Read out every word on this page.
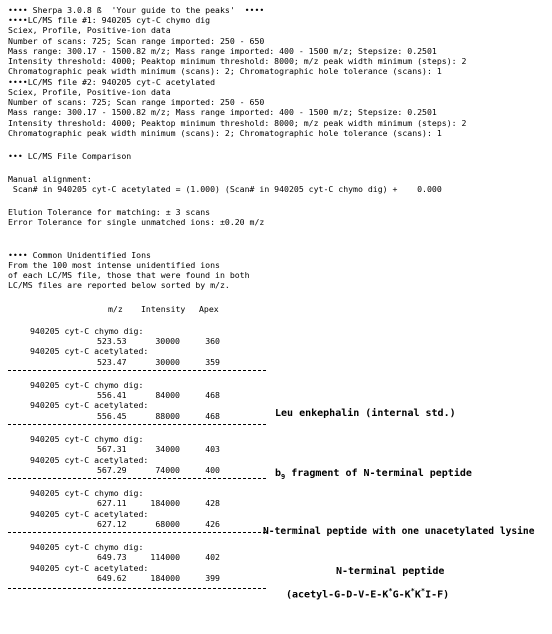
•••• Sherpa 3.0.8 ß  'Your guide to the peaks'  ••••
••••LC/MS file #1: 940205 cyt-C chymo dig
Sciex, Profile, Positive-ion data
Number of scans: 725; Scan range imported: 250 - 650
Mass range: 300.17 - 1500.82 m/z; Mass range imported: 400 - 1500 m/z; Stepsize: 0.2501
Intensity threshold: 4000; Peaktop minimum threshold: 8000; m/z peak width minimum (steps): 2
Chromatographic peak width minimum (scans): 2; Chromatographic hole tolerance (scans): 1
••••LC/MS file #2: 940205 cyt-C acetylated
Sciex, Profile, Positive-ion data
Number of scans: 725; Scan range imported: 250 - 650
Mass range: 300.17 - 1500.82 m/z; Mass range imported: 400 - 1500 m/z; Stepsize: 0.2501
Intensity threshold: 4000; Peaktop minimum threshold: 8000; m/z peak width minimum (steps): 2
Chromatographic peak width minimum (scans): 2; Chromatographic hole tolerance (scans): 1
••• LC/MS File Comparison
Manual alignment:
Scan# in 940205 cyt-C acetylated = (1.000) (Scan# in 940205 cyt-C chymo dig) +    0.000
Elution Tolerance for matching: ± 3 scans
Error Tolerance for single unmatched ions: ±0.20 m/z
•••• Common Unidentified Ions
From the 100 most intense unidentified ions
of each LC/MS file, those that were found in both
LC/MS files are reported below sorted by m/z.
m/z Intensity Apex
940205 cyt-C chymo dig:
523.53	30000	360
940205 cyt-C acetylated:
523.47	30000	359
940205 cyt-C chymo dig:
556.41	84000	468
940205 cyt-C acetylated:
556.45	88000	468
940205 cyt-C chymo dig:
567.31	34000	403
940205 cyt-C acetylated:
567.29	74000	400
940205 cyt-C chymo dig:
627.11	184000	428
940205 cyt-C acetylated:
627.12	68000	426
940205 cyt-C chymo dig:
649.73	114000	402
940205 cyt-C acetylated:
649.62	184000	399
Leu enkephalin (internal std.)
$b_9$ fragment of N-terminal peptide
N-terminal peptide with one unacetylated lysine
N-terminal peptide
(acetyl-G-D-V-E-K*G-K*K*I-F)
